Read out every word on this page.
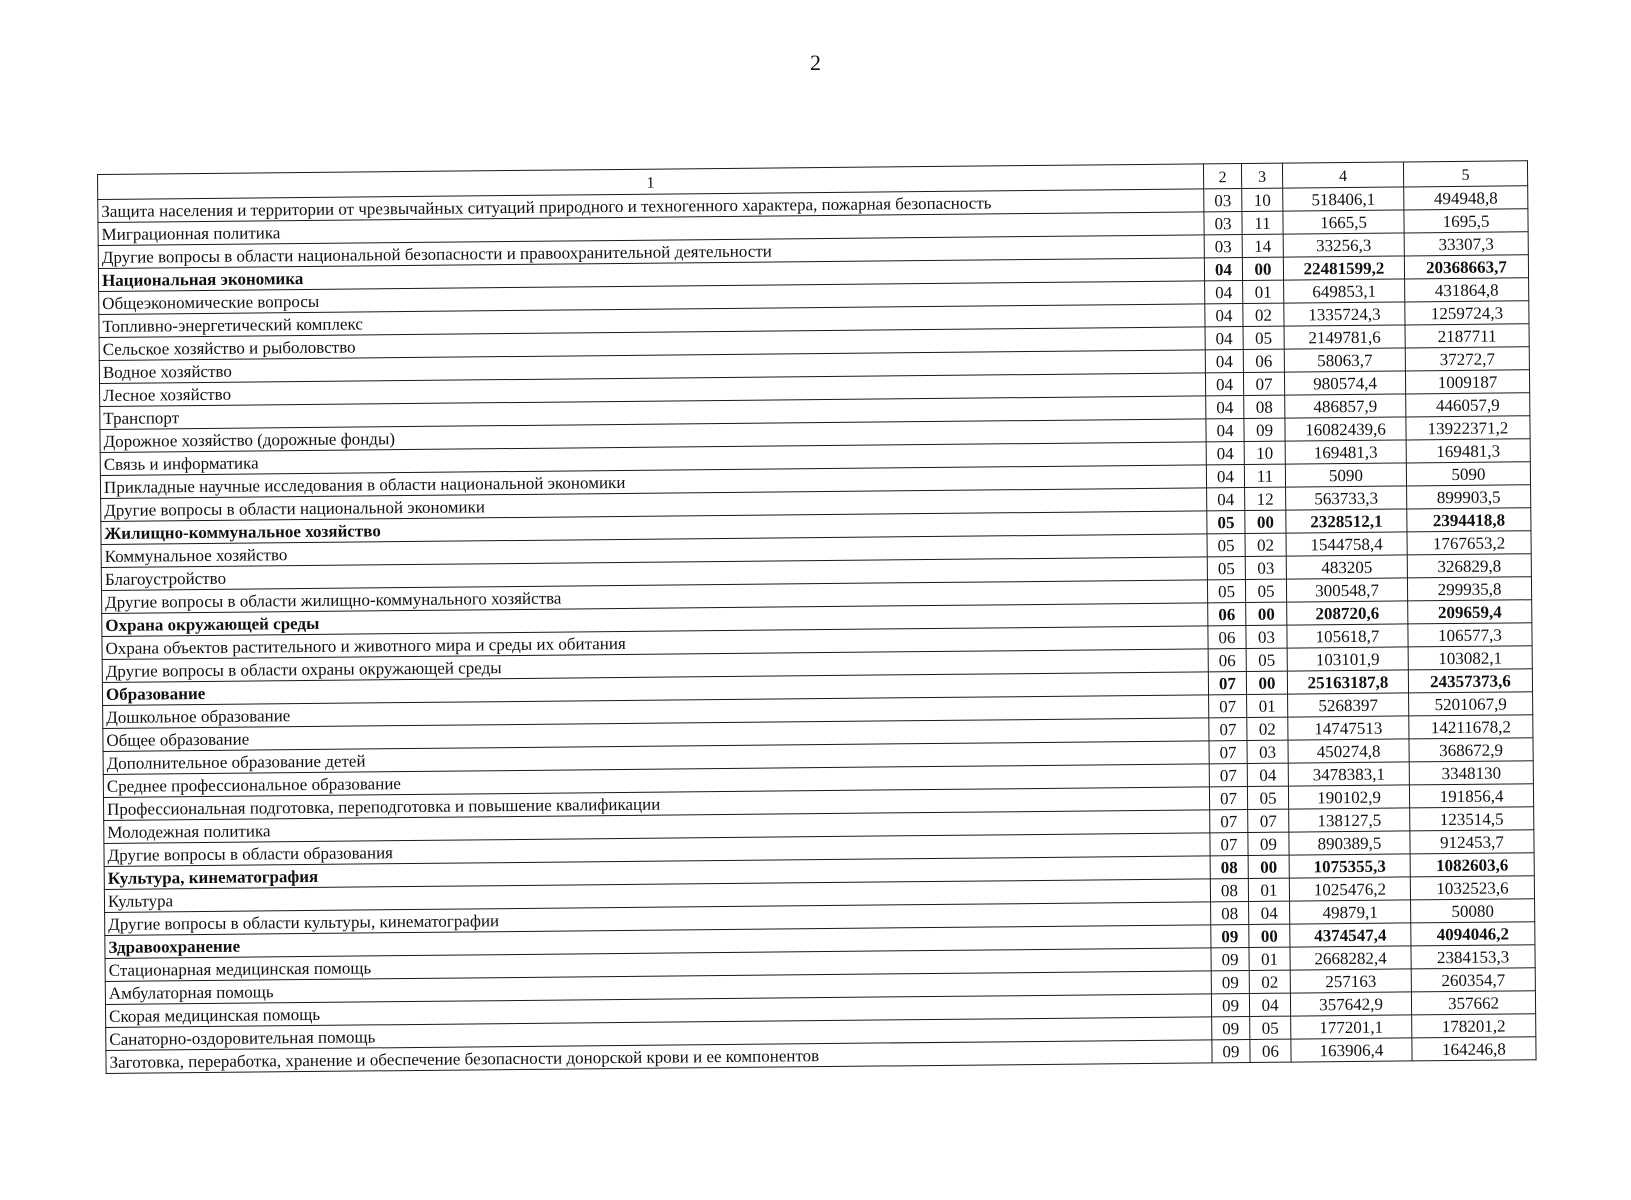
2
1	2	3	4	5
Защита населения и территории от чрезвычайных ситуаций природного и техногенного характера, пожарная безопасность	03	10	518406,1	494948,8
Миграционная политика	03	11	1665,5	1695,5
Другие вопросы в области национальной безопасности и правоохранительной деятельности	03	14	33256,3	33307,3
Национальная экономика	04	00	22481599,2	20368663,7
Общеэкономические вопросы	04	01	649853,1	431864,8
Топливно-энергетический комплекс	04	02	1335724,3	1259724,3
Сельское хозяйство и рыболовство	04	05	2149781,6	2187711
Водное хозяйство	04	06	58063,7	37272,7
Лесное хозяйство	04	07	980574,4	1009187
Транспорт	04	08	486857,9	446057,9
Дорожное хозяйство (дорожные фонды)	04	09	16082439,6	13922371,2
Связь и информатика	04	10	169481,3	169481,3
Прикладные научные исследования в области национальной экономики	04	11	5090	5090
Другие вопросы в области национальной экономики	04	12	563733,3	899903,5
Жилищно-коммунальное хозяйство	05	00	2328512,1	2394418,8
Коммунальное хозяйство	05	02	1544758,4	1767653,2
Благоустройство	05	03	483205	326829,8
Другие вопросы в области жилищно-коммунального хозяйства	05	05	300548,7	299935,8
Охрана окружающей среды	06	00	208720,6	209659,4
Охрана объектов растительного и животного мира и среды их обитания	06	03	105618,7	106577,3
Другие вопросы в области охраны окружающей среды	06	05	103101,9	103082,1
Образование	07	00	25163187,8	24357373,6
Дошкольное образование	07	01	5268397	5201067,9
Общее образование	07	02	14747513	14211678,2
Дополнительное образование детей	07	03	450274,8	368672,9
Среднее профессиональное образование	07	04	3478383,1	3348130
Профессиональная подготовка, переподготовка и повышение квалификации	07	05	190102,9	191856,4
Молодежная политика	07	07	138127,5	123514,5
Другие вопросы в области образования	07	09	890389,5	912453,7
Культура, кинематография	08	00	1075355,3	1082603,6
Культура	08	01	1025476,2	1032523,6
Другие вопросы в области культуры, кинематографии	08	04	49879,1	50080
Здравоохранение	09	00	4374547,4	4094046,2
Стационарная медицинская помощь	09	01	2668282,4	2384153,3
Амбулаторная помощь	09	02	257163	260354,7
Скорая медицинская помощь	09	04	357642,9	357662
Санаторно-оздоровительная помощь	09	05	177201,1	178201,2
Заготовка, переработка, хранение и обеспечение безопасности донорской крови и ее компонентов	09	06	163906,4	164246,8
